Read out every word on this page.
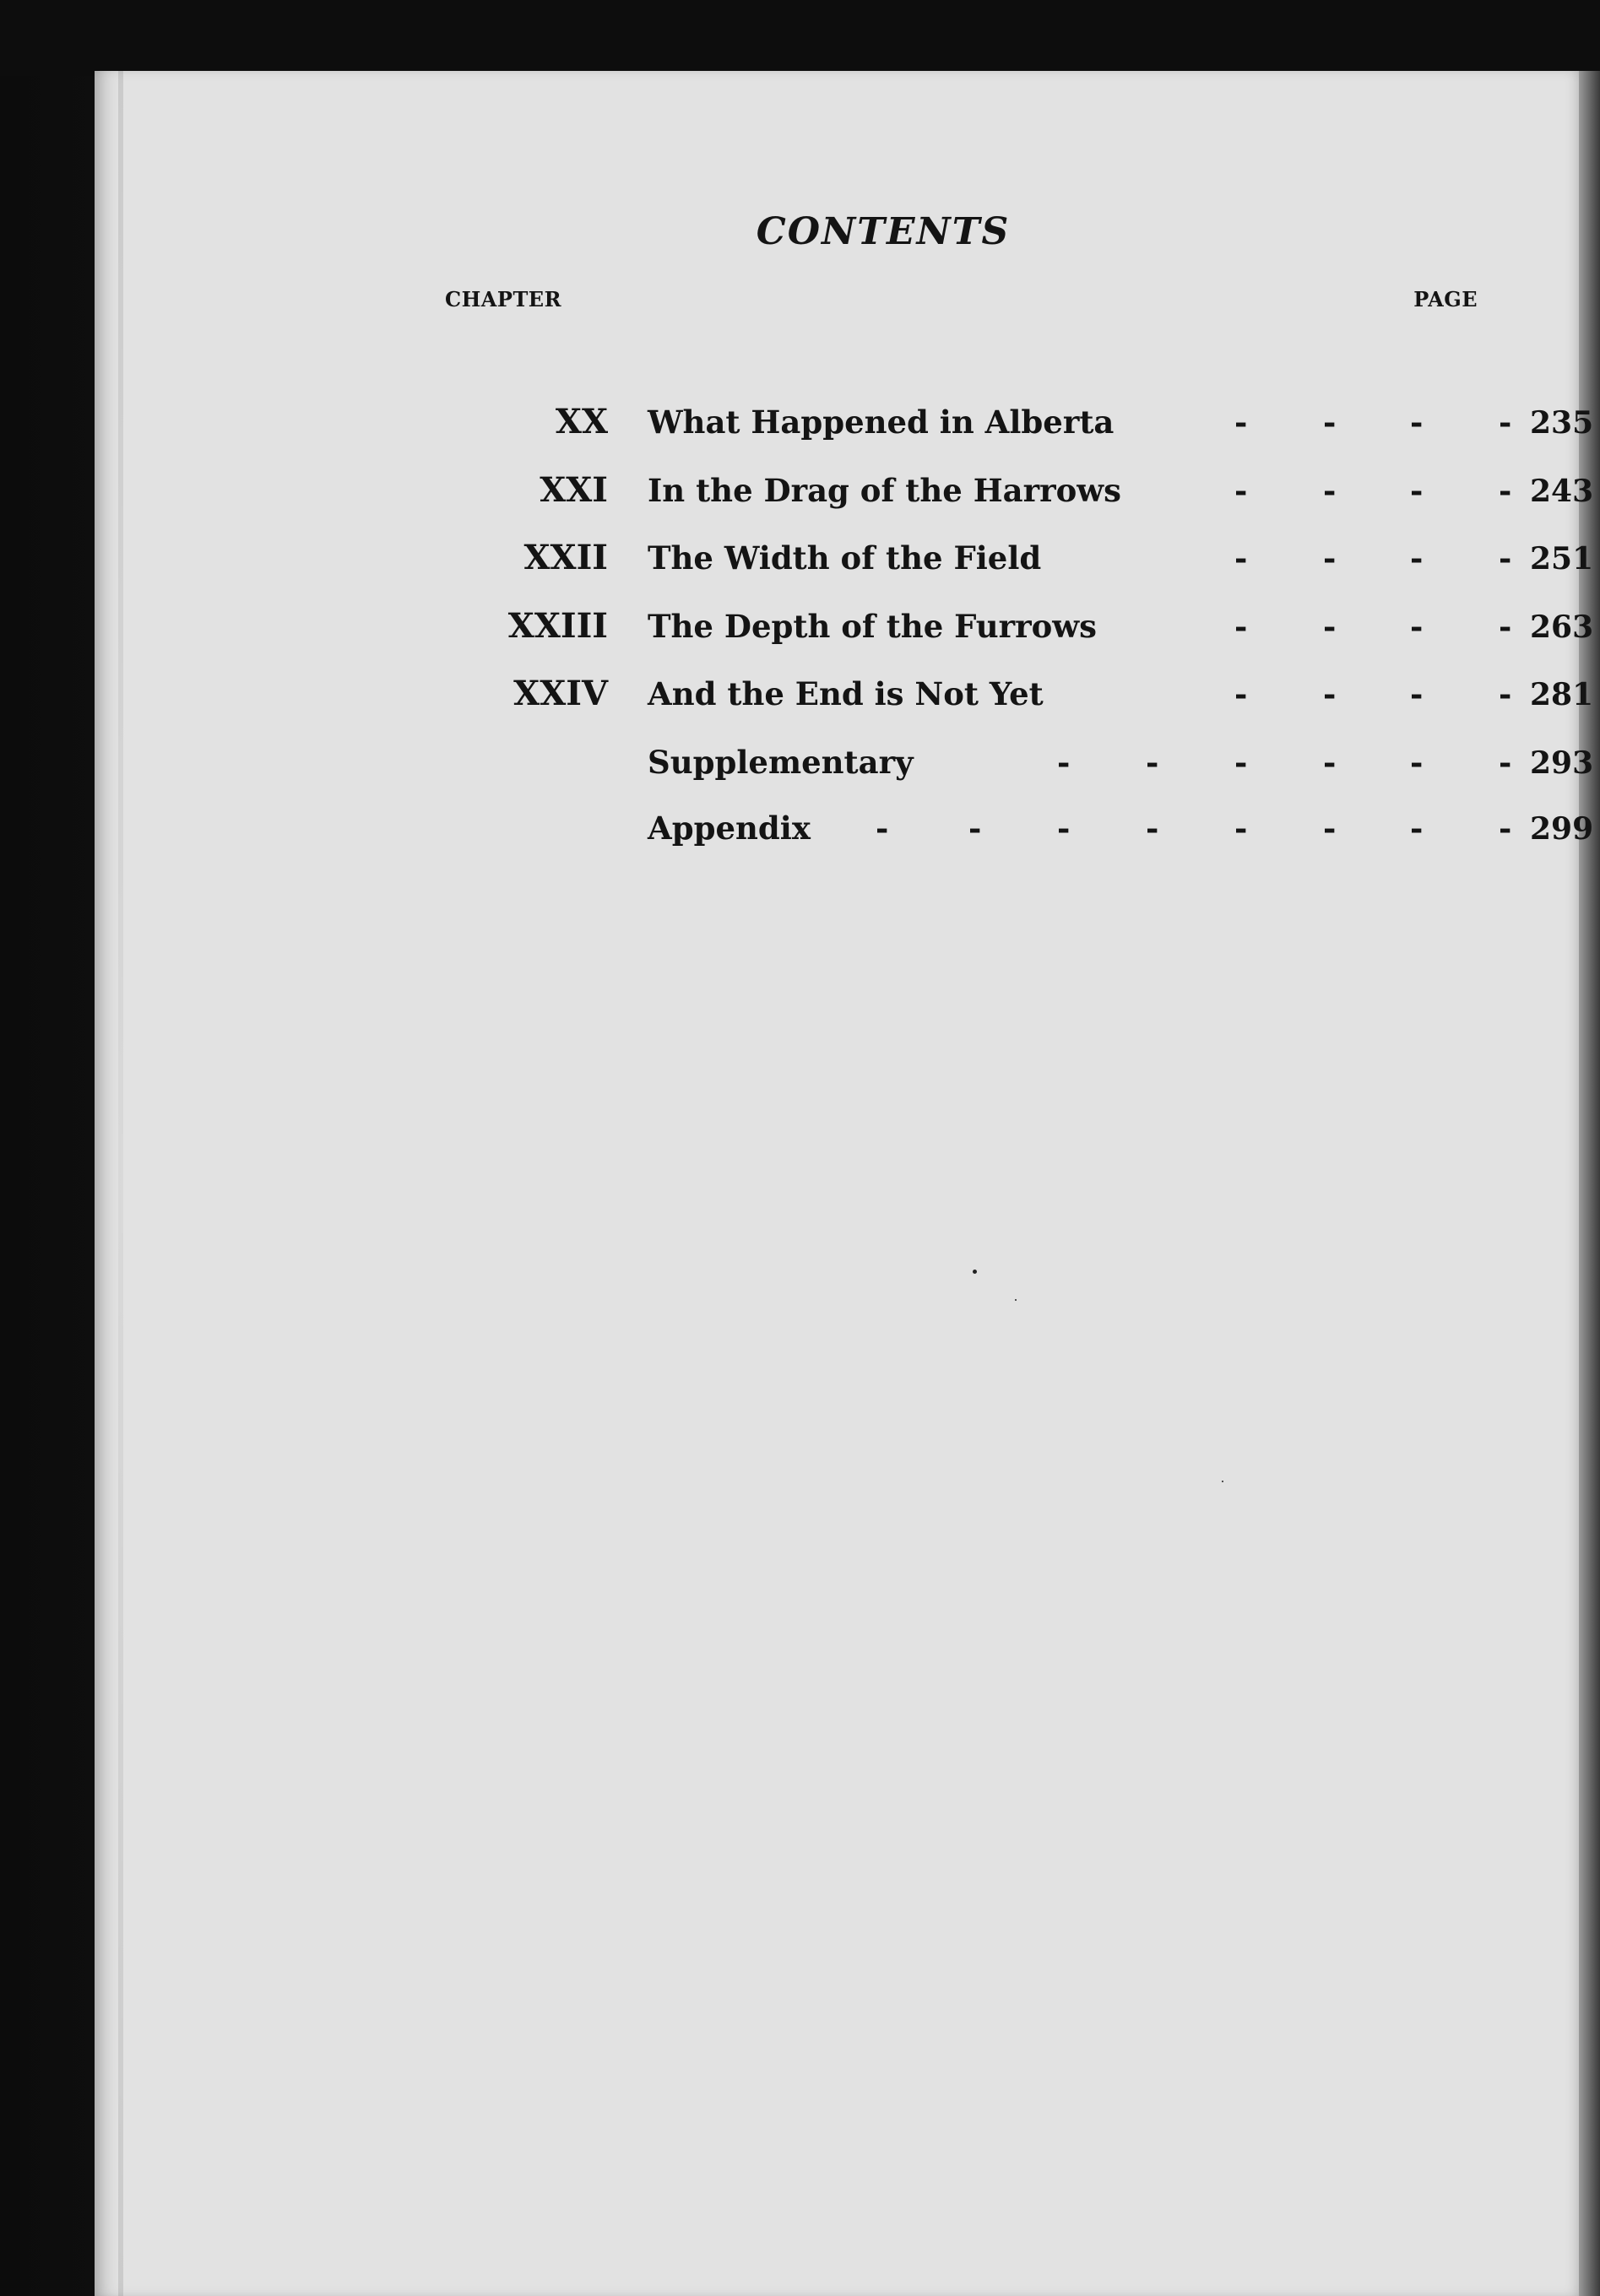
CONTENTS
CHAPTER	PAGE
XX What Happened in Alberta	- - - - 235
XXI In the Drag of the Harrows	- - - - 243
XXII The Width of the Field	- - - - 251
XXIII The Depth of the Furrows	- - - - 263
XXIV And the End is Not Yet	- - - - 281
Supplementary	- - - - - - 293
Appendix -	- - - - - - - 299
